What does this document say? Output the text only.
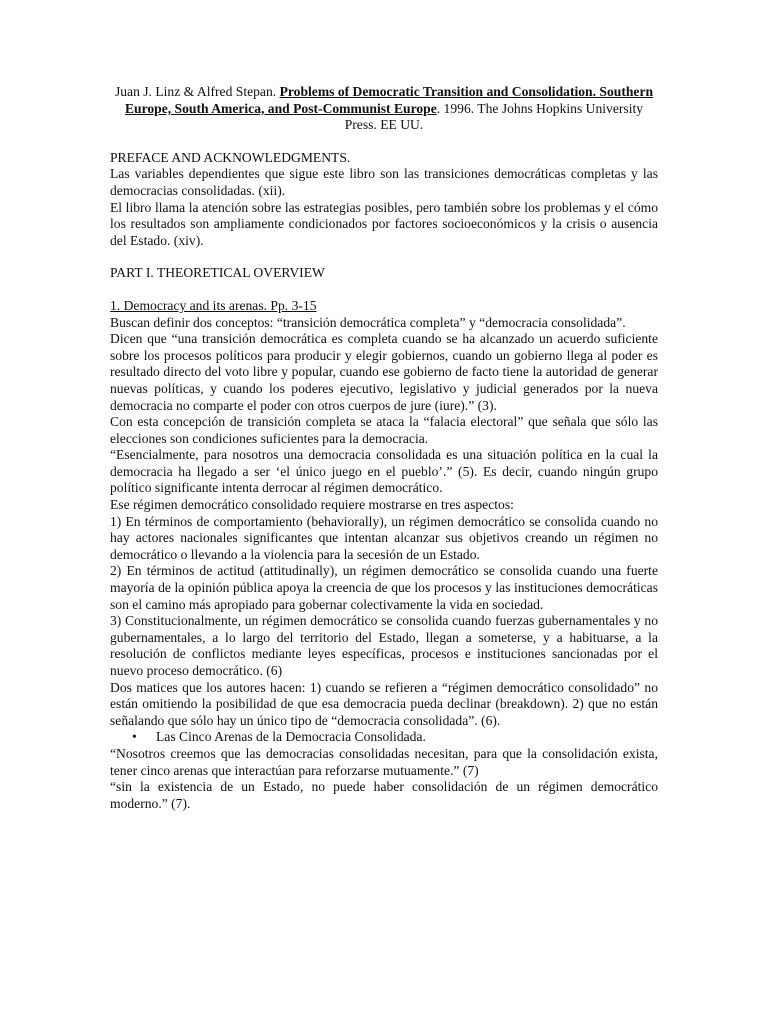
Juan J. Linz & Alfred Stepan. Problems of Democratic Transition and Consolidation. Southern Europe, South America, and Post-Communist Europe. 1996. The Johns Hopkins University Press. EE UU.

PREFACE AND ACKNOWLEDGMENTS.

Las variables dependientes que sigue este libro son las transiciones democráticas completas y las democracias consolidadas. (xii).

El libro llama la atención sobre las estrategias posibles, pero también sobre los problemas y el cómo los resultados son ampliamente condicionados por factores socioeconómicos y la crisis o ausencia del Estado. (xiv).

PART I. THEORETICAL OVERVIEW

1. Democracy and its arenas. Pp. 3-15

Buscan definir dos conceptos: “transición democrática completa” y “democracia consolidada”.

Dicen que “una transición democrática es completa cuando se ha alcanzado un acuerdo suficiente sobre los procesos políticos para producir y elegir gobiernos, cuando un gobierno llega al poder es resultado directo del voto libre y popular, cuando ese gobierno de facto tiene la autoridad de generar nuevas políticas, y cuando los poderes ejecutivo, legislativo y judicial generados por la nueva democracia no comparte el poder con otros cuerpos de jure (iure).” (3).

Con esta concepción de transición completa se ataca la “falacia electoral” que señala que sólo las elecciones son condiciones suficientes para la democracia.

“Esencialmente, para nosotros una democracia consolidada es una situación política en la cual la democracia ha llegado a ser ‘el único juego en el pueblo’.” (5). Es decir, cuando ningún grupo político significante intenta derrocar al régimen democrático.

Ese régimen democrático consolidado requiere mostrarse en tres aspectos:

1) En términos de comportamiento (behaviorally), un régimen democrático se consolida cuando no hay actores nacionales significantes que intentan alcanzar sus objetivos creando un régimen no democrático o llevando a la violencia para la secesión de un Estado.

2) En términos de actitud (attitudinally), un régimen democrático se consolida cuando una fuerte mayoría de la opinión pública apoya la creencia de que los procesos y las instituciones democráticas son el camino más apropiado para gobernar colectivamente la vida en sociedad.

3) Constitucionalmente, un régimen democrático se consolida cuando fuerzas gubernamentales y no gubernamentales, a lo largo del territorio del Estado, llegan a someterse, y a habituarse, a la resolución de conflictos mediante leyes específicas, procesos e instituciones sancionadas por el nuevo proceso democrático. (6)

Dos matices que los autores hacen: 1) cuando se refieren a “régimen democrático consolidado” no están omitiendo la posibilidad de que esa democracia pueda declinar (breakdown). 2) que no están señalando que sólo hay un único tipo de “democracia consolidada”. (6).

•	Las Cinco Arenas de la Democracia Consolidada.

“Nosotros creemos que las democracias consolidadas necesitan, para que la consolidación exista, tener cinco arenas que interactúan para reforzarse mutuamente.” (7)

“sin la existencia de un Estado, no puede haber consolidación de un régimen democrático moderno.” (7).
